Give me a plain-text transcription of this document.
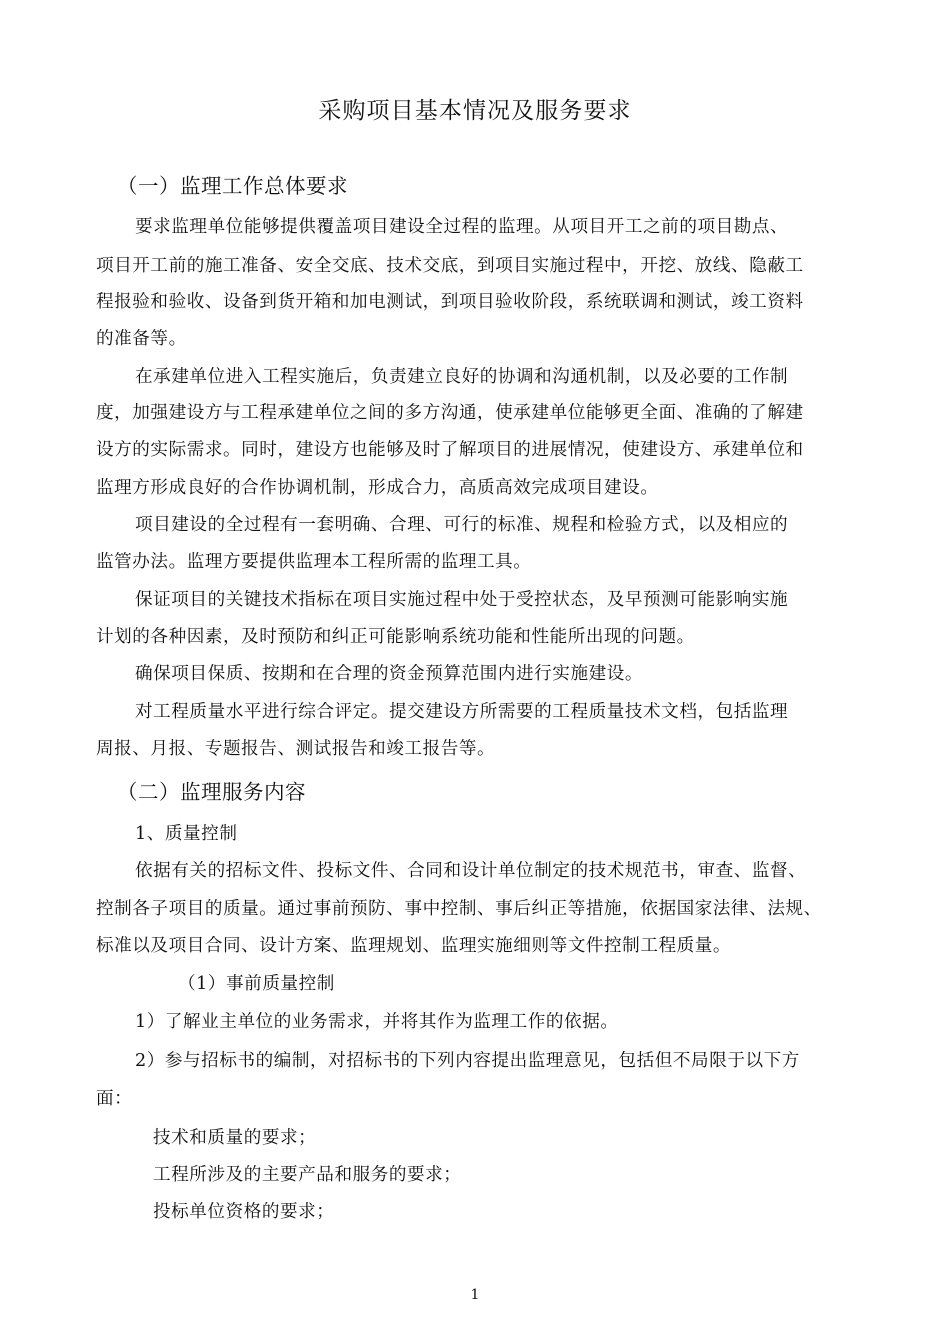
采购项目基本情况及服务要求
（一）监理工作总体要求
要求监理单位能够提供覆盖项目建设全过程的监理。从项目开工之前的项目勘点、
项目开工前的施工准备、安全交底、技术交底，到项目实施过程中，开挖、放线、隐蔽工
程报验和验收、设备到货开箱和加电测试，到项目验收阶段，系统联调和测试，竣工资料
的准备等。
在承建单位进入工程实施后，负责建立良好的协调和沟通机制，以及必要的工作制
度，加强建设方与工程承建单位之间的多方沟通，使承建单位能够更全面、准确的了解建
设方的实际需求。同时，建设方也能够及时了解项目的进展情况，使建设方、承建单位和
监理方形成良好的合作协调机制，形成合力，高质高效完成项目建设。
项目建设的全过程有一套明确、合理、可行的标准、规程和检验方式，以及相应的
监管办法。监理方要提供监理本工程所需的监理工具。
保证项目的关键技术指标在项目实施过程中处于受控状态，及早预测可能影响实施
计划的各种因素，及时预防和纠正可能影响系统功能和性能所出现的问题。
确保项目保质、按期和在合理的资金预算范围内进行实施建设。
对工程质量水平进行综合评定。提交建设方所需要的工程质量技术文档，包括监理
周报、月报、专题报告、测试报告和竣工报告等。
（二）监理服务内容
1、质量控制
依据有关的招标文件、投标文件、合同和设计单位制定的技术规范书，审查、监督、
控制各子项目的质量。通过事前预防、事中控制、事后纠正等措施，依据国家法律、法规、
标准以及项目合同、设计方案、监理规划、监理实施细则等文件控制工程质量。
（1）事前质量控制
1）了解业主单位的业务需求，并将其作为监理工作的依据。
2）参与招标书的编制，对招标书的下列内容提出监理意见，包括但不局限于以下方
面：
技术和质量的要求；
工程所涉及的主要产品和服务的要求；
投标单位资格的要求；
1
